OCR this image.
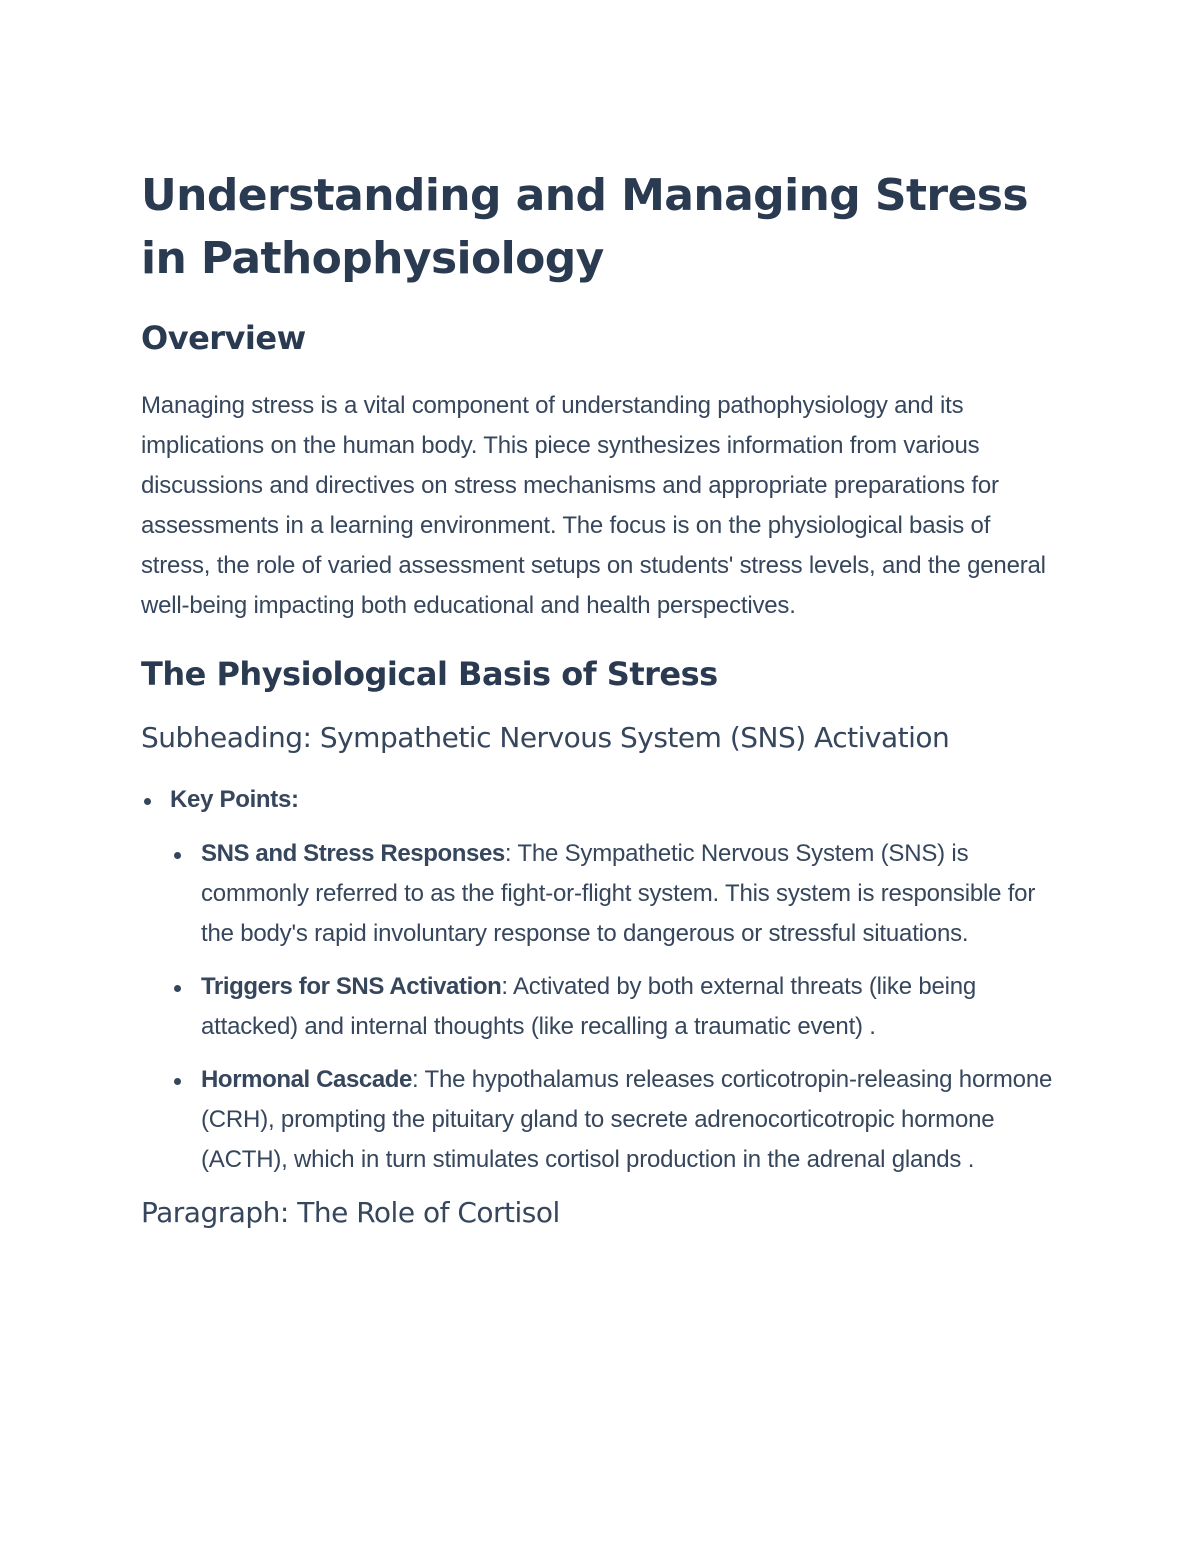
Understanding and Managing Stress in Pathophysiology
Overview

Managing stress is a vital component of understanding pathophysiology and its implications on the human body. This piece synthesizes information from various discussions and directives on stress mechanisms and appropriate preparations for assessments in a learning environment. The focus is on the physiological basis of stress, the role of varied assessment setups on students' stress levels, and the general well-being impacting both educational and health perspectives.

The Physiological Basis of Stress
Subheading: Sympathetic Nervous System (SNS) Activation
Key Points:
SNS and Stress Responses: The Sympathetic Nervous System (SNS) is commonly referred to as the fight-or-flight system. This system is responsible for the body's rapid involuntary response to dangerous or stressful situations.
Triggers for SNS Activation: Activated by both external threats (like being attacked) and internal thoughts (like recalling a traumatic event) .
Hormonal Cascade: The hypothalamus releases corticotropin-releasing hormone (CRH), prompting the pituitary gland to secrete adrenocorticotropic hormone (ACTH), which in turn stimulates cortisol production in the adrenal glands .
Paragraph: The Role of Cortisol
